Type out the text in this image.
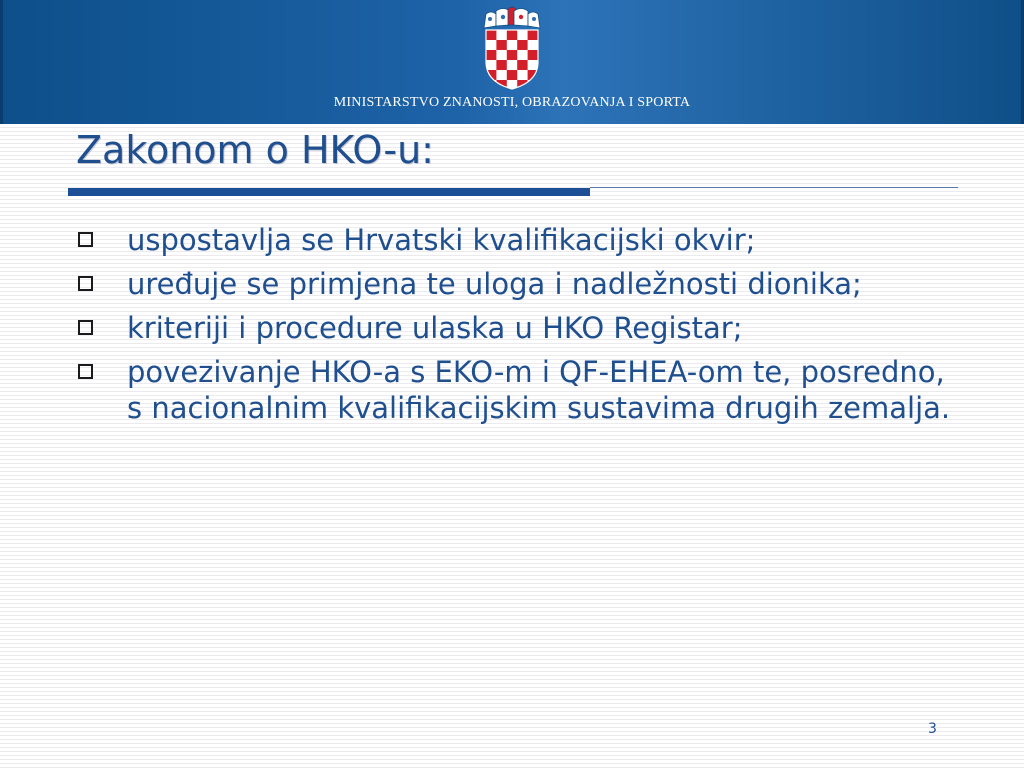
MINISTARSTVO ZNANOSTI, OBRAZOVANJA I SPORTA
Zakonom o HKO-u:
uspostavlja se Hrvatski kvalifikacijski okvir;
uređuje se primjena te uloga i nadležnosti dionika;
kriteriji i procedure ulaska u HKO Registar;
povezivanje HKO-a s EKO-m i QF-EHEA-om te, posredno, s nacionalnim kvalifikacijskim sustavima drugih zemalja.
3
